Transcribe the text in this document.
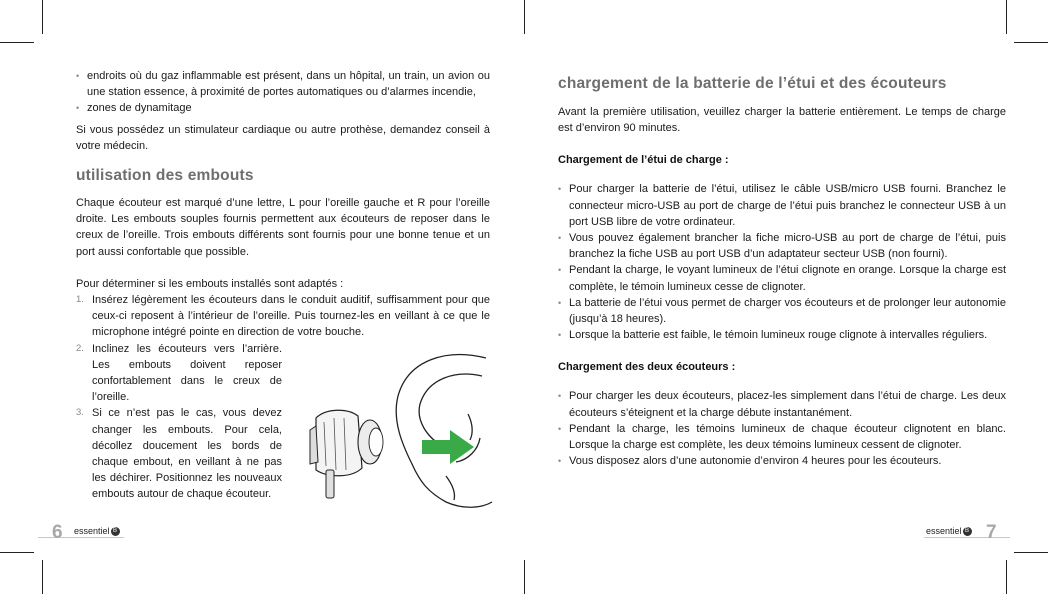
• endroits où du gaz inflammable est présent, dans un hôpital, un train, un avion ou une station essence, à proximité de portes automatiques ou d’alarmes incendie,
• zones de dynamitage

Si vous possédez un stimulateur cardiaque ou autre prothèse, demandez conseil à votre médecin.

utilisation des embouts

Chaque écouteur est marqué d’une lettre, L pour l’oreille gauche et R pour l’oreille droite. Les embouts souples fournis permettent aux écouteurs de reposer dans le creux de l’oreille. Trois embouts différents sont fournis pour une bonne tenue et un port aussi confortable que possible.

Pour déterminer si les embouts installés sont adaptés :

1. Insérez légèrement les écouteurs dans le conduit auditif, suffisamment pour que ceux-ci reposent à l’intérieur de l’oreille. Puis tournez-les en veillant à ce que le microphone intégré pointe en direction de votre bouche.
2. Inclinez les écouteurs vers l’arrière. Les embouts doivent reposer confortablement dans le creux de l’oreille.
3. Si ce n’est pas le cas, vous devez changer les embouts. Pour cela, décollez doucement les bords de chaque embout, en veillant à ne pas les déchirer. Positionnez les nouveaux embouts autour de chaque écouteur.
6 essentiel B
chargement de la batterie de l’étui et des écouteurs

Avant la première utilisation, veuillez charger la batterie entièrement. Le temps de charge est d’environ 90 minutes.

Chargement de l’étui de charge :
• Pour charger la batterie de l’étui, utilisez le câble USB/micro USB fourni. Branchez le connecteur micro-USB au port de charge de l’étui puis branchez le connecteur USB à un port USB libre de votre ordinateur.
• Vous pouvez également brancher la fiche micro-USB au port de charge de l’étui, puis branchez la fiche USB au port USB d’un adaptateur secteur USB (non fourni).
• Pendant la charge, le voyant lumineux de l’étui clignote en orange. Lorsque la charge est complète, le témoin lumineux cesse de clignoter.
• La batterie de l’étui vous permet de charger vos écouteurs et de prolonger leur autonomie (jusqu’à 18 heures).
• Lorsque la batterie est faible, le témoin lumineux rouge clignote à intervalles réguliers.
Chargement des deux écouteurs :
• Pour charger les deux écouteurs, placez-les simplement dans l’étui de charge. Les deux écouteurs s’éteignent et la charge débute instantanément.
• Pendant la charge, les témoins lumineux de chaque écouteur clignotent en blanc. Lorsque la charge est complète, les deux témoins lumineux cessent de clignoter.
• Vous disposez alors d’une autonomie d’environ 4 heures pour les écouteurs.
essentiel B 7
